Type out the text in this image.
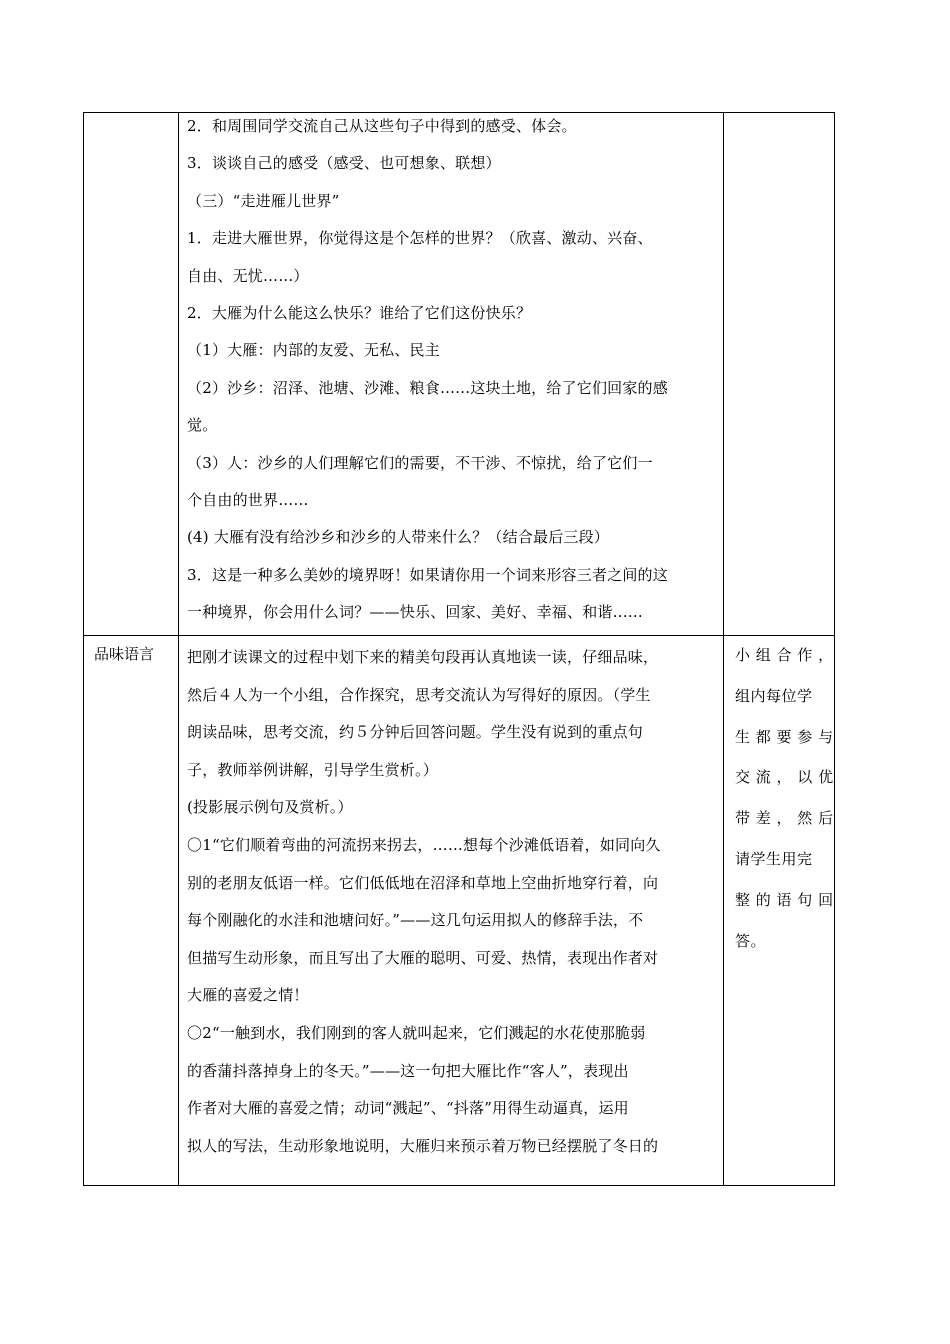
2．和周围同学交流自己从这些句子中得到的感受、体会。

3．谈谈自己的感受（感受、也可想象、联想）

（三）“走进雁儿世界”

1．走进大雁世界，你觉得这是个怎样的世界？（欣喜、激动、兴奋、

自由、无忧……）

2．大雁为什么能这么快乐？谁给了它们这份快乐？

（1）大雁：内部的友爱、无私、民主

（2）沙乡：沼泽、池塘、沙滩、粮食……这块土地，给了它们回家的感

觉。

（3）人：沙乡的人们理解它们的需要，不干涉、不惊扰，给了它们一

个自由的世界……

(4) 大雁有没有给沙乡和沙乡的人带来什么？（结合最后三段）

3．这是一种多么美妙的境界呀！如果请你用一个词来形容三者之间的这

一种境界，你会用什么词？——快乐、回家、美好、幸福、和谐……

品味语言	把刚才读课文的过程中划下来的精美句段再认真地读一读，仔细品味，

然后４人为一个小组，合作探究，思考交流认为写得好的原因。（学生

朗读品味，思考交流，约５分钟后回答问题。学生没有说到的重点句

子，教师举例讲解，引导学生赏析。）

(投影展示例句及赏析。）

〇1“它们顺着弯曲的河流拐来拐去，……想每个沙滩低语着，如同向久

别的老朋友低语一样。它们低低地在沼泽和草地上空曲折地穿行着，向

每个刚融化的水洼和池塘问好。”——这几句运用拟人的修辞手法，不

但描写生动形象，而且写出了大雁的聪明、可爱、热情，表现出作者对

大雁的喜爱之情！

〇2“一触到水，我们刚到的客人就叫起来，它们溅起的水花使那脆弱

的香蒲抖落掉身上的冬天。”——这一句把大雁比作“客人”，表现出

作者对大雁的喜爱之情；动词“溅起”、“抖落”用得生动逼真，运用

拟人的写法，生动形象地说明，大雁归来预示着万物已经摆脱了冬日的

小 组 合 作 ，

组内每位学

生 都 要 参 与

交 流 ， 以 优

带 差 ， 然 后

请学生用完

整 的 语 句 回

答。
